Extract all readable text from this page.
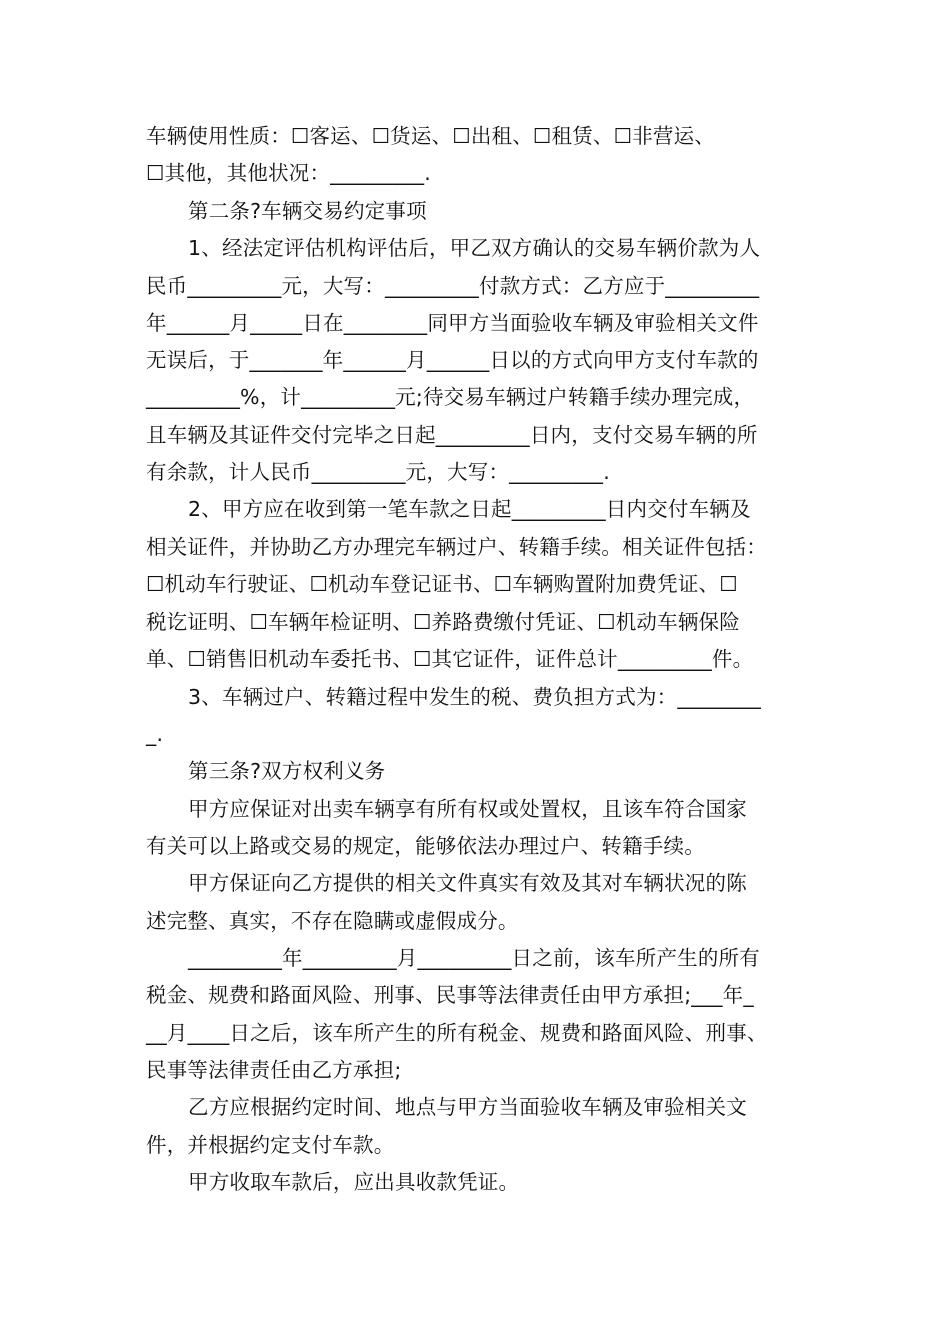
车辆使用性质：☐客运、☐货运、☐出租、☐租赁、☐非营运、
☐其他，其他状况：_________.
第二条?车辆交易约定事项
1、经法定评估机构评估后，甲乙双方确认的交易车辆价款为人
民币_________元，大写：_________付款方式：乙方应于_________
年______月_____日在________同甲方当面验收车辆及审验相关文件
无误后，于_______年______月______日以的方式向甲方支付车款的
_________%，计_________元;待交易车辆过户转籍手续办理完成，
且车辆及其证件交付完毕之日起_________日内，支付交易车辆的所
有余款，计人民币_________元，大写：_________.
2、甲方应在收到第一笔车款之日起_________日内交付车辆及
相关证件，并协助乙方办理完车辆过户、转籍手续。相关证件包括：
☐机动车行驶证、☐机动车登记证书、☐车辆购置附加费凭证、☐
税讫证明、☐车辆年检证明、☐养路费缴付凭证、☐机动车辆保险
单、☐销售旧机动车委托书、☐其它证件，证件总计_________件。
3、车辆过户、转籍过程中发生的税、费负担方式为：________
_.
第三条?双方权利义务
甲方应保证对出卖车辆享有所有权或处置权，且该车符合国家
有关可以上路或交易的规定，能够依法办理过户、转籍手续。
甲方保证向乙方提供的相关文件真实有效及其对车辆状况的陈
述完整、真实，不存在隐瞒或虚假成分。
_________年_________月_________日之前，该车所产生的所有
税金、规费和路面风险、刑事、民事等法律责任由甲方承担;___年_
__月____日之后，该车所产生的所有税金、规费和路面风险、刑事、
民事等法律责任由乙方承担;
乙方应根据约定时间、地点与甲方当面验收车辆及审验相关文
件，并根据约定支付车款。
甲方收取车款后，应出具收款凭证。
